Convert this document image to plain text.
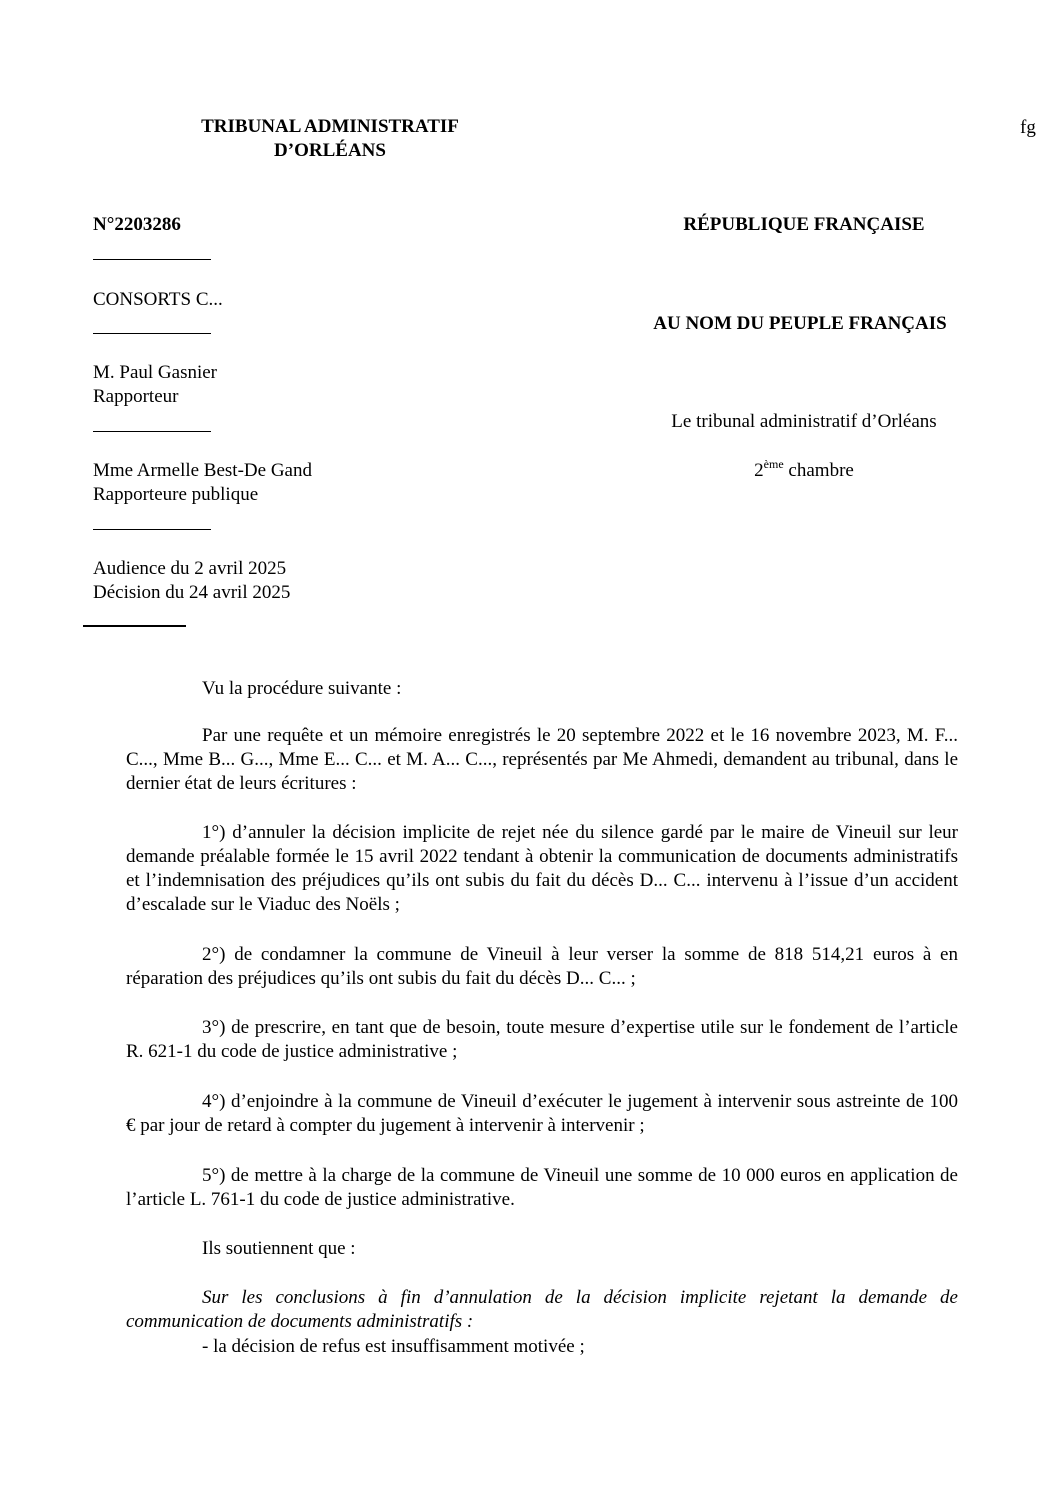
TRIBUNAL ADMINISTRATIF
D’ORLÉANS
fg
N°2203286
CONSORTS C...
M. Paul Gasnier
Rapporteur
Mme Armelle Best-De Gand
Rapporteure publique
Audience du 2 avril 2025
Décision du 24 avril 2025
RÉPUBLIQUE FRANÇAISE
AU NOM DU PEUPLE FRANÇAIS
Le tribunal administratif d’Orléans
2ème chambre
Vu la procédure suivante :

Par une requête et un mémoire enregistrés le 20 septembre 2022 et le 16 novembre 2023, M. F... C..., Mme B... G..., Mme E... C... et M. A... C..., représentés par Me Ahmedi, demandent au tribunal, dans le dernier état de leurs écritures :

1°) d’annuler la décision implicite de rejet née du silence gardé par le maire de Vineuil sur leur demande préalable formée le 15 avril 2022 tendant à obtenir la communication de documents administratifs et l’indemnisation des préjudices qu’ils ont subis du fait du décès D... C... intervenu à l’issue d’un accident d’escalade sur le Viaduc des Noëls ;

2°) de condamner la commune de Vineuil à leur verser la somme de 818 514,21 euros à en réparation des préjudices qu’ils ont subis du fait du décès D... C... ;

3°) de prescrire, en tant que de besoin, toute mesure d’expertise utile sur le fondement de l’article R. 621-1 du code de justice administrative ;

4°) d’enjoindre à la commune de Vineuil d’exécuter le jugement à intervenir sous astreinte de 100 € par jour de retard à compter du jugement à intervenir à intervenir ;

5°) de mettre à la charge de la commune de Vineuil une somme de 10 000 euros en application de l’article L. 761-1 du code de justice administrative.

Ils soutiennent que :

Sur les conclusions à fin d’annulation de la décision implicite rejetant la demande de communication de documents administratifs :

- la décision de refus est insuffisamment motivée ;
